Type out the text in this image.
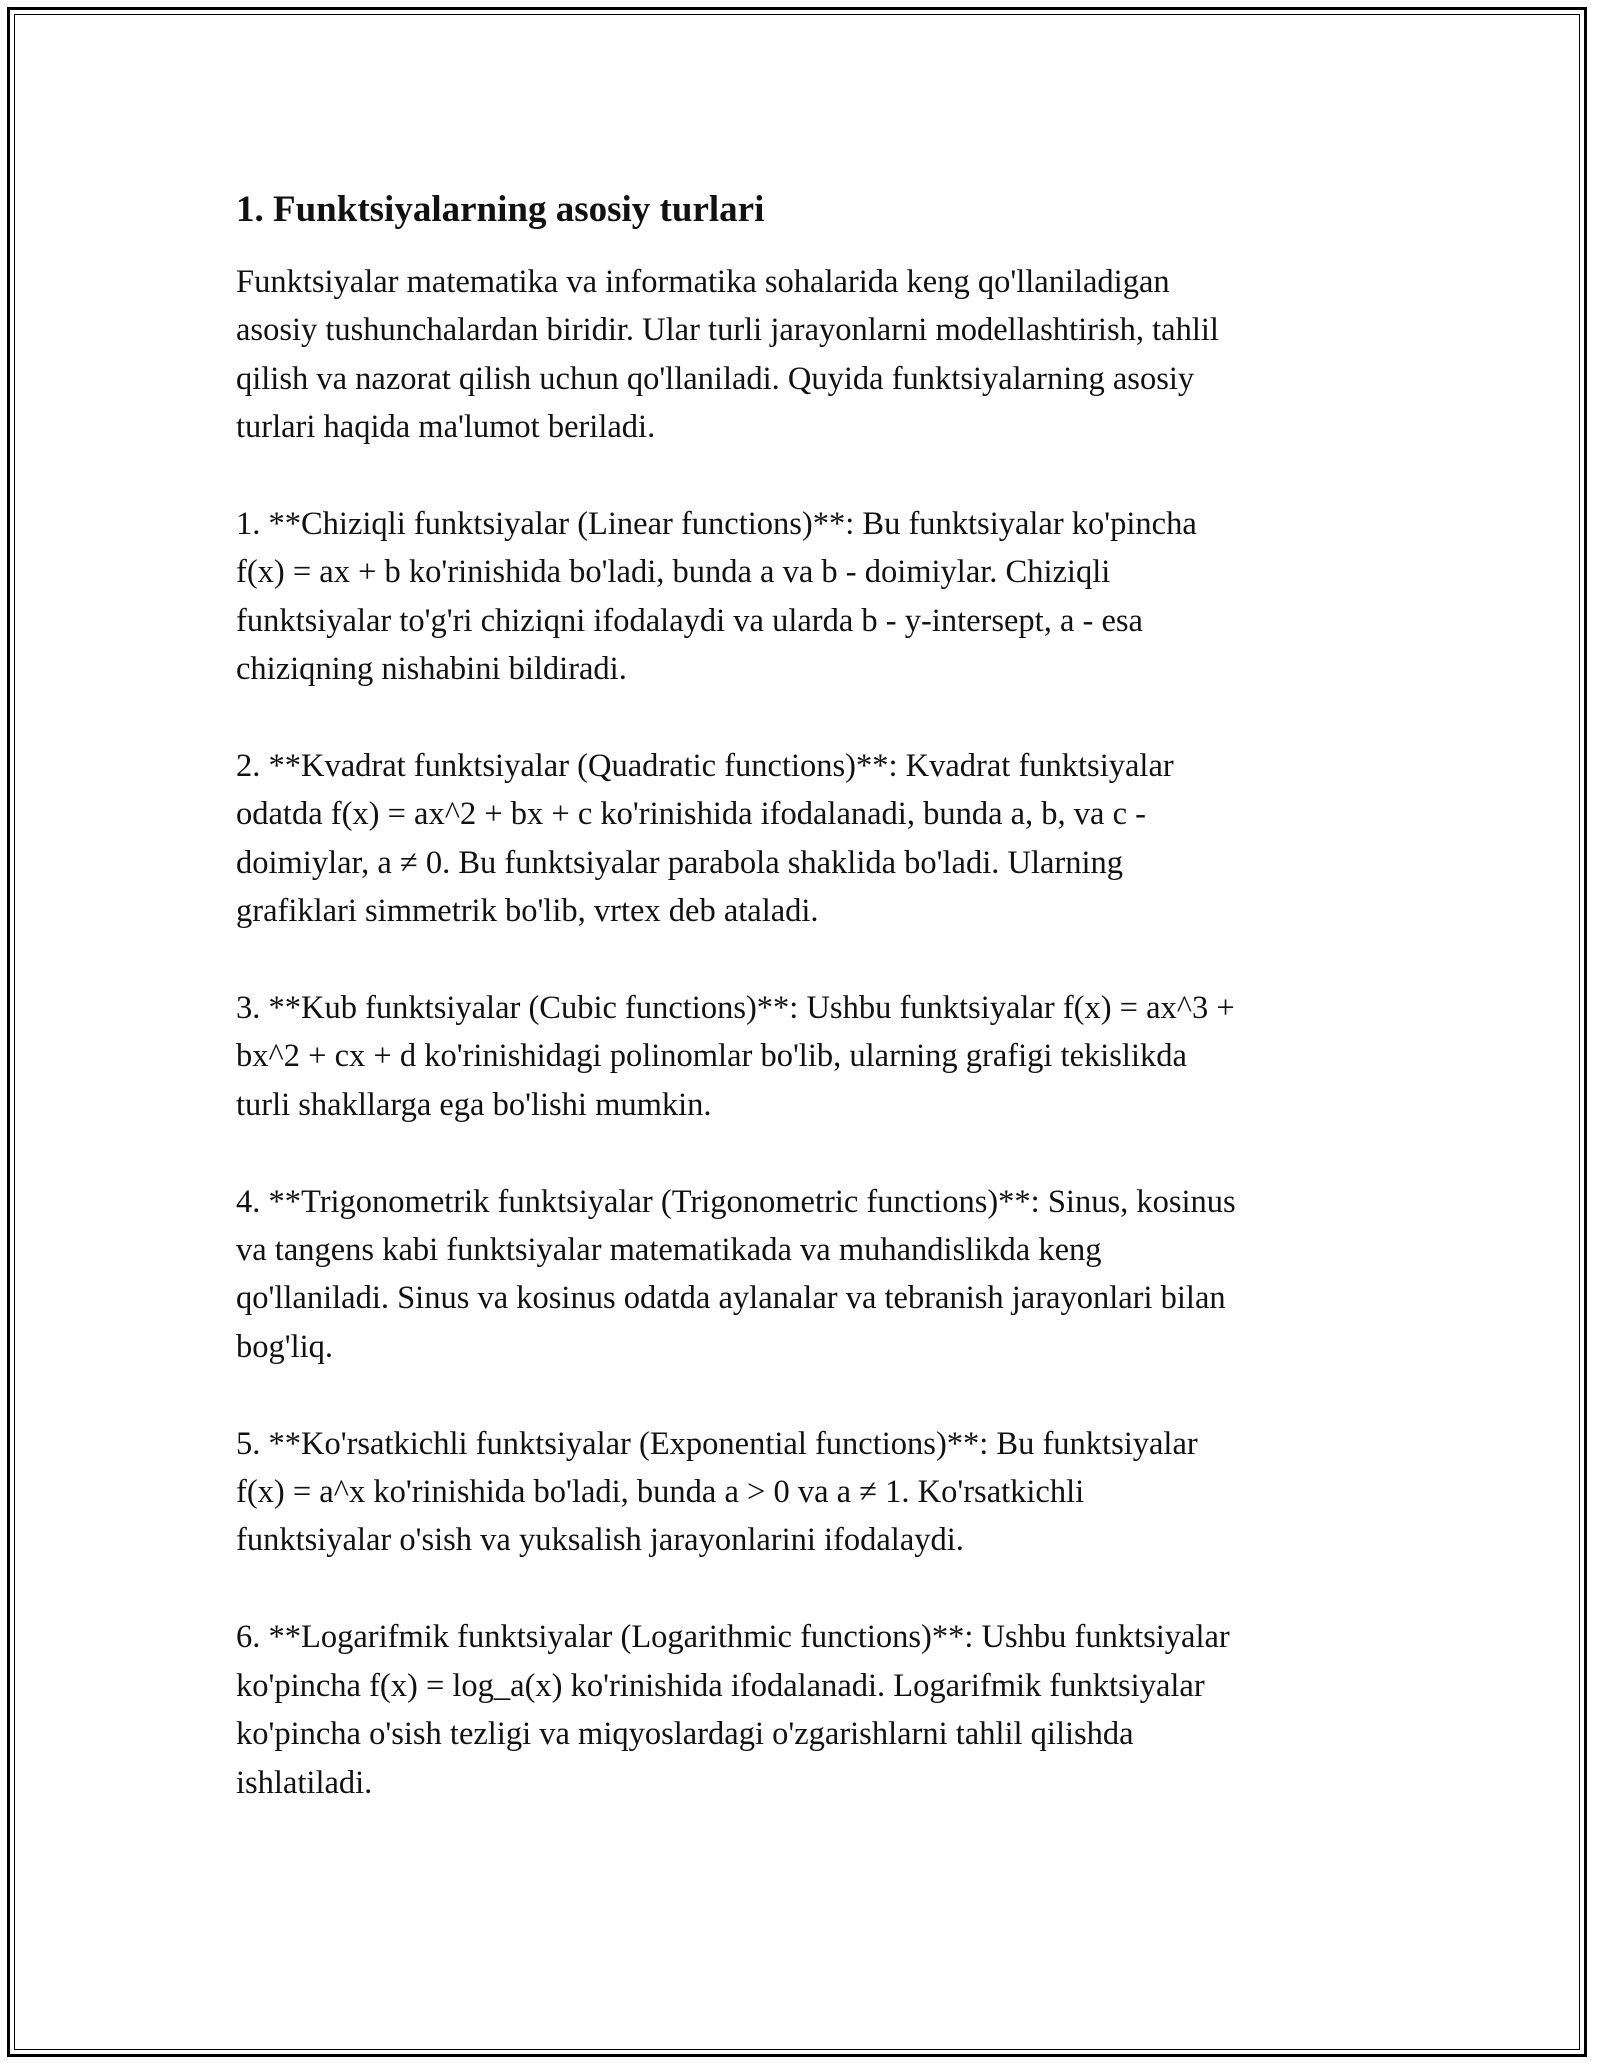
1. Funktsiyalarning asosiy turlari

Funktsiyalar matematika va informatika sohalarida keng qo'llaniladigan
asosiy tushunchalardan biridir. Ular turli jarayonlarni modellashtirish, tahlil
qilish va nazorat qilish uchun qo'llaniladi. Quyida funktsiyalarning asosiy
turlari haqida ma'lumot beriladi.

1. **Chiziqli funktsiyalar (Linear functions)**: Bu funktsiyalar ko'pincha
f(x) = ax + b ko'rinishida bo'ladi, bunda a va b - doimiylar. Chiziqli
funktsiyalar to'g'ri chiziqni ifodalaydi va ularda b - y-intersept, a - esa
chiziqning nishabini bildiradi.

2. **Kvadrat funktsiyalar (Quadratic functions)**: Kvadrat funktsiyalar
odatda f(x) = ax^2 + bx + c ko'rinishida ifodalanadi, bunda a, b, va c -
doimiylar, a ≠ 0. Bu funktsiyalar parabola shaklida bo'ladi. Ularning
grafiklari simmetrik bo'lib, vrtex deb ataladi.

3. **Kub funktsiyalar (Cubic functions)**: Ushbu funktsiyalar f(x) = ax^3 +
bx^2 + cx + d ko'rinishidagi polinomlar bo'lib, ularning grafigi tekislikda
turli shakllarga ega bo'lishi mumkin.

4. **Trigonometrik funktsiyalar (Trigonometric functions)**: Sinus, kosinus
va tangens kabi funktsiyalar matematikada va muhandislikda keng
qo'llaniladi. Sinus va kosinus odatda aylanalar va tebranish jarayonlari bilan
bog'liq.

5. **Ko'rsatkichli funktsiyalar (Exponential functions)**: Bu funktsiyalar
f(x) = a^x ko'rinishida bo'ladi, bunda a > 0 va a ≠ 1. Ko'rsatkichli
funktsiyalar o'sish va yuksalish jarayonlarini ifodalaydi.

6. **Logarifmik funktsiyalar (Logarithmic functions)**: Ushbu funktsiyalar
ko'pincha f(x) = log_a(x) ko'rinishida ifodalanadi. Logarifmik funktsiyalar
ko'pincha o'sish tezligi va miqyoslardagi o'zgarishlarni tahlil qilishda
ishlatiladi.
